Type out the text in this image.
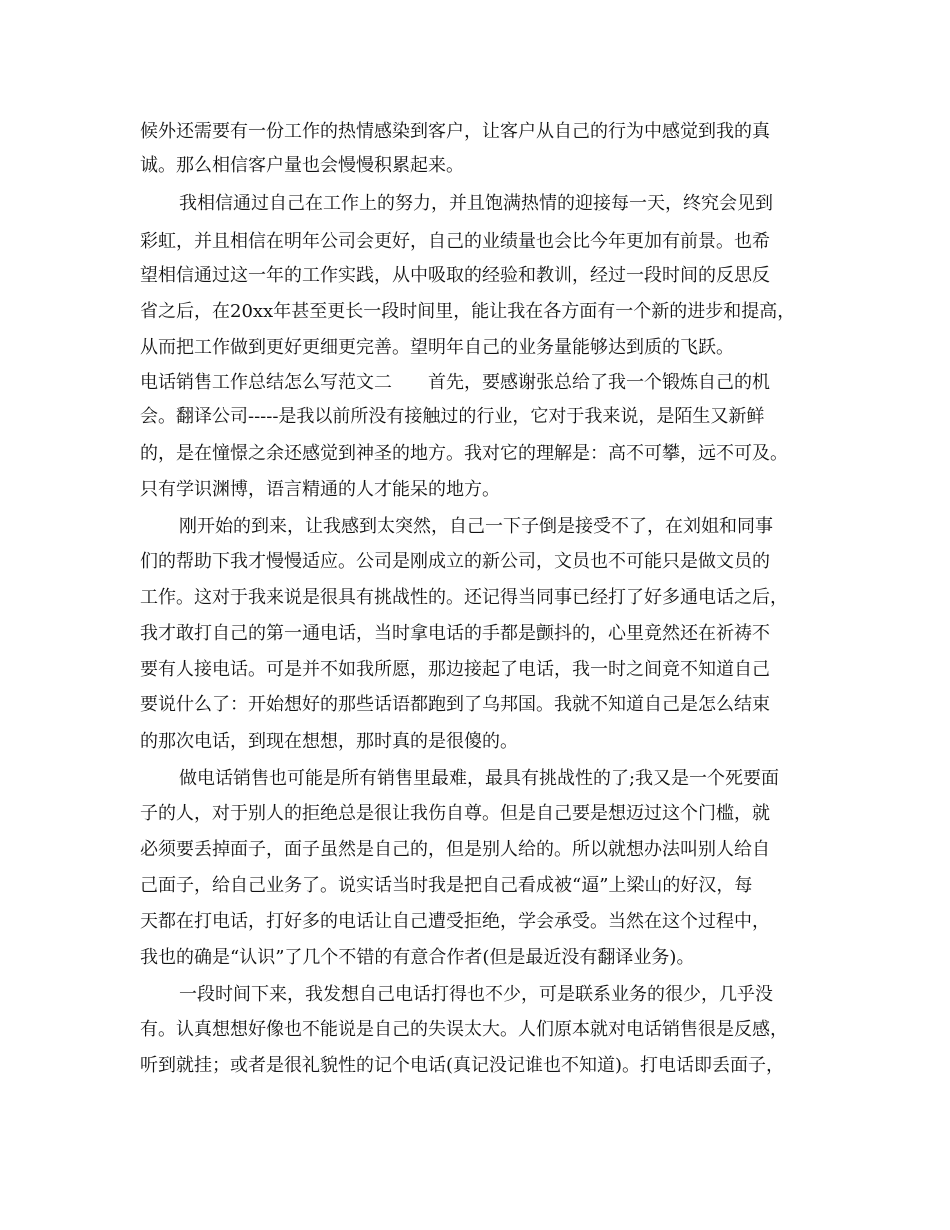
候外还需要有一份工作的热情感染到客户，让客户从自己的行为中感觉到我的真
诚。那么相信客户量也会慢慢积累起来。
我相信通过自己在工作上的努力，并且饱满热情的迎接每一天，终究会见到
彩虹，并且相信在明年公司会更好，自己的业绩量也会比今年更加有前景。也希
望相信通过这一年的工作实践，从中吸取的经验和教训，经过一段时间的反思反
省之后，在20xx年甚至更长一段时间里，能让我在各方面有一个新的进步和提高，
从而把工作做到更好更细更完善。望明年自己的业务量能够达到质的飞跃。
电话销售工作总结怎么写范文二　　首先，要感谢张总给了我一个锻炼自己的机
会。翻译公司-----是我以前所没有接触过的行业，它对于我来说，是陌生又新鲜
的，是在憧憬之余还感觉到神圣的地方。我对它的理解是：高不可攀，远不可及。
只有学识渊博，语言精通的人才能呆的地方。
刚开始的到来，让我感到太突然，自己一下子倒是接受不了，在刘姐和同事
们的帮助下我才慢慢适应。公司是刚成立的新公司，文员也不可能只是做文员的
工作。这对于我来说是很具有挑战性的。还记得当同事已经打了好多通电话之后，
我才敢打自己的第一通电话，当时拿电话的手都是颤抖的，心里竟然还在祈祷不
要有人接电话。可是并不如我所愿，那边接起了电话，我一时之间竟不知道自己
要说什么了：开始想好的那些话语都跑到了乌邦国。我就不知道自己是怎么结束
的那次电话，到现在想想，那时真的是很傻的。
做电话销售也可能是所有销售里最难，最具有挑战性的了;我又是一个死要面
子的人，对于别人的拒绝总是很让我伤自尊。但是自己要是想迈过这个门槛，就
必须要丢掉面子，面子虽然是自己的，但是别人给的。所以就想办法叫别人给自
己面子，给自己业务了。说实话当时我是把自己看成被“逼”上梁山的好汉，每
天都在打电话，打好多的电话让自己遭受拒绝，学会承受。当然在这个过程中，
我也的确是“认识”了几个不错的有意合作者(但是最近没有翻译业务)。
一段时间下来，我发想自己电话打得也不少，可是联系业务的很少，几乎没
有。认真想想好像也不能说是自己的失误太大。人们原本就对电话销售很是反感，
听到就挂；或者是很礼貌性的记个电话(真记没记谁也不知道)。打电话即丢面子，
